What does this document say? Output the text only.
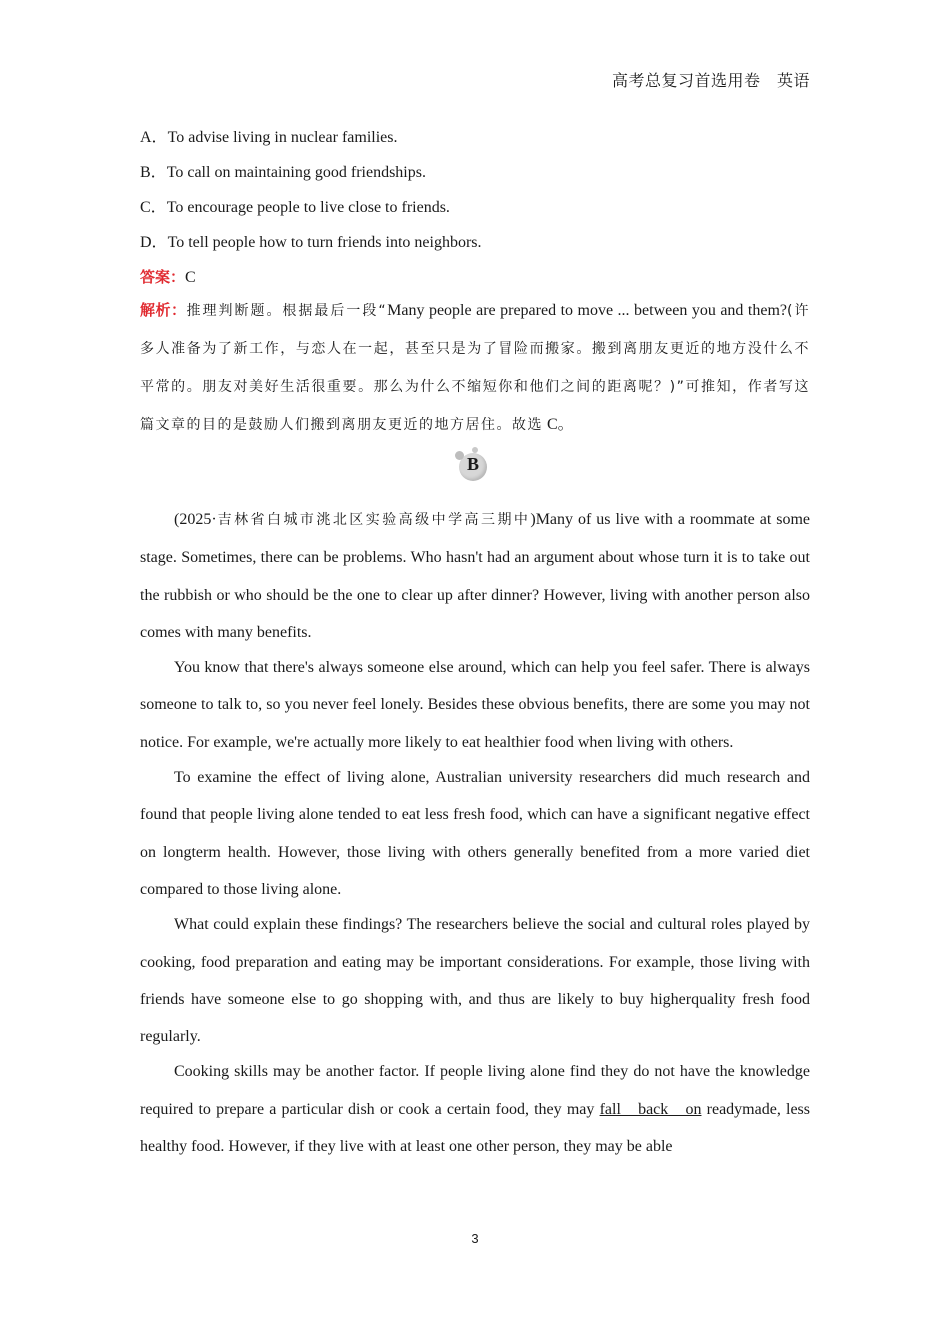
高考总复习首选用卷　英语
A．To advise living in nuclear families.
B．To call on maintaining good friendships.
C．To encourage people to live close to friends.
D．To tell people how to turn friends into neighbors.
答案：C
解析：推理判断题。根据最后一段“Many people are prepared to move ... between you and them?(许多人准备为了新工作，与恋人在一起，甚至只是为了冒险而搬家。搬到离朋友更近的地方没什么不平常的。朋友对美好生活很重要。那么为什么不缩短你和他们之间的距离呢？)”可推知，作者写这篇文章的目的是鼓励人们搬到离朋友更近的地方居住。故选 C。
B

(2025·吉林省白城市洮北区实验高级中学高三期中)Many of us live with a roommate at some stage. Sometimes, there can be problems. Who hasn't had an argument about whose turn it is to take out the rubbish or who should be the one to clear up after dinner? However, living with another person also comes with many benefits.

You know that there's always someone else around, which can help you feel safer. There is always someone to talk to, so you never feel lonely. Besides these obvious benefits, there are some you may not notice. For example, we're actually more likely to eat healthier food when living with others.

To examine the effect of living alone, Australian university researchers did much research and found that people living alone tended to eat less fresh food, which can have a significant negative effect on longterm health. However, those living with others generally benefited from a more varied diet compared to those living alone.

What could explain these findings? The researchers believe the social and cultural roles played by cooking, food preparation and eating may be important considerations. For example, those living with friends have someone else to go shopping with, and thus are likely to buy higherquality fresh food regularly.

Cooking skills may be another factor. If people living alone find they do not have the knowledge required to prepare a particular dish or cook a certain food, they may fall back on readymade, less healthy food. However, if they live with at least one other person, they may be able

3
